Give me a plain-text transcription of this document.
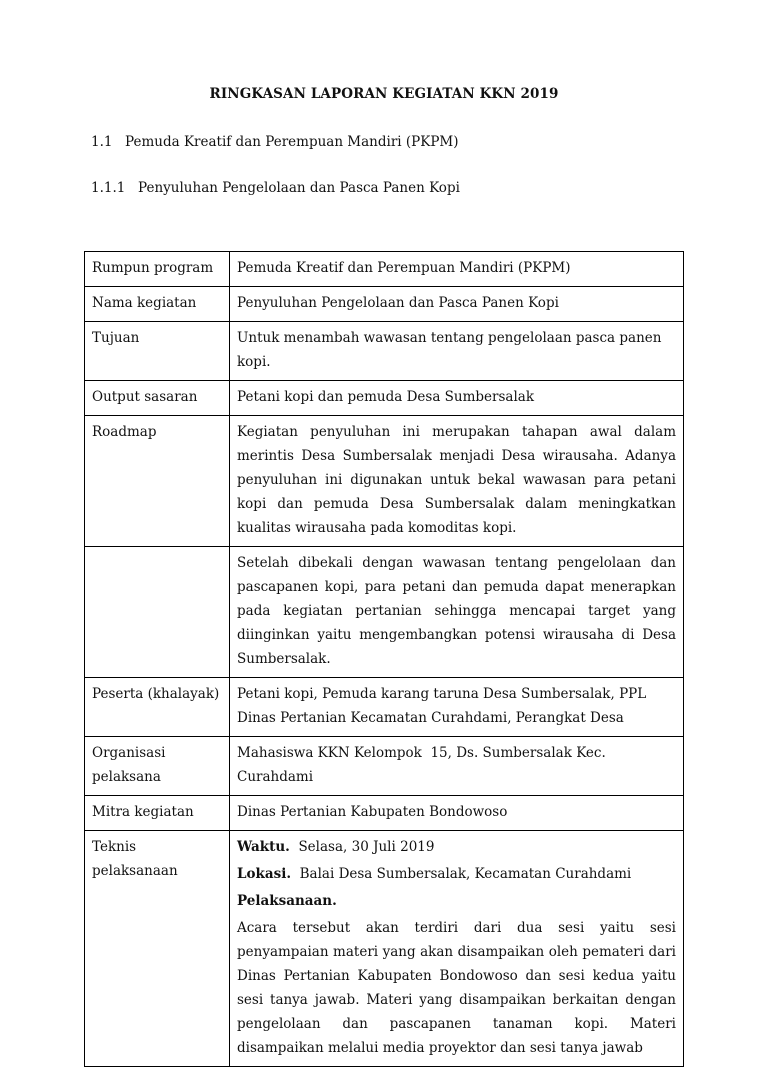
RINGKASAN LAPORAN KEGIATAN KKN 2019
1.1 Pemuda Kreatif dan Perempuan Mandiri (PKPM)
1.1.1 Penyuluhan Pengelolaan dan Pasca Panen Kopi
Rumpun program	Pemuda Kreatif dan Perempuan Mandiri (PKPM)
Nama kegiatan	Penyuluhan Pengelolaan dan Pasca Panen Kopi
Tujuan	Untuk menambah wawasan tentang pengelolaan pasca panen kopi.
Output sasaran	Petani kopi dan pemuda Desa Sumbersalak
Roadmap	Kegiatan penyuluhan ini merupakan tahapan awal dalam merintis Desa Sumbersalak menjadi Desa wirausaha. Adanya penyuluhan ini digunakan untuk bekal wawasan para petani kopi dan pemuda Desa Sumbersalak dalam meningkatkan kualitas wirausaha pada komoditas kopi.
	Setelah dibekali dengan wawasan tentang pengelolaan dan pascapanen kopi, para petani dan pemuda dapat menerapkan pada kegiatan pertanian sehingga mencapai target yang diinginkan yaitu mengembangkan potensi wirausaha di Desa Sumbersalak.
Peserta (khalayak)	Petani kopi, Pemuda karang taruna Desa Sumbersalak, PPL Dinas Pertanian Kecamatan Curahdami, Perangkat Desa
Organisasi pelaksana	Mahasiswa KKN Kelompok  15, Ds. Sumbersalak Kec. Curahdami
Mitra kegiatan	Dinas Pertanian Kabupaten Bondowoso
Teknis pelaksanaan	Waktu. Selasa, 30 Juli 2019

Lokasi. Balai Desa Sumbersalak, Kecamatan Curahdami

Pelaksanaan.

Acara tersebut akan terdiri dari dua sesi yaitu sesi penyampaian materi yang akan disampaikan oleh pemateri dari Dinas Pertanian Kabupaten Bondowoso dan sesi kedua yaitu sesi tanya jawab. Materi yang disampaikan berkaitan dengan pengelolaan dan pascapanen tanaman kopi. Materi disampaikan melalui media proyektor dan sesi tanya jawab
